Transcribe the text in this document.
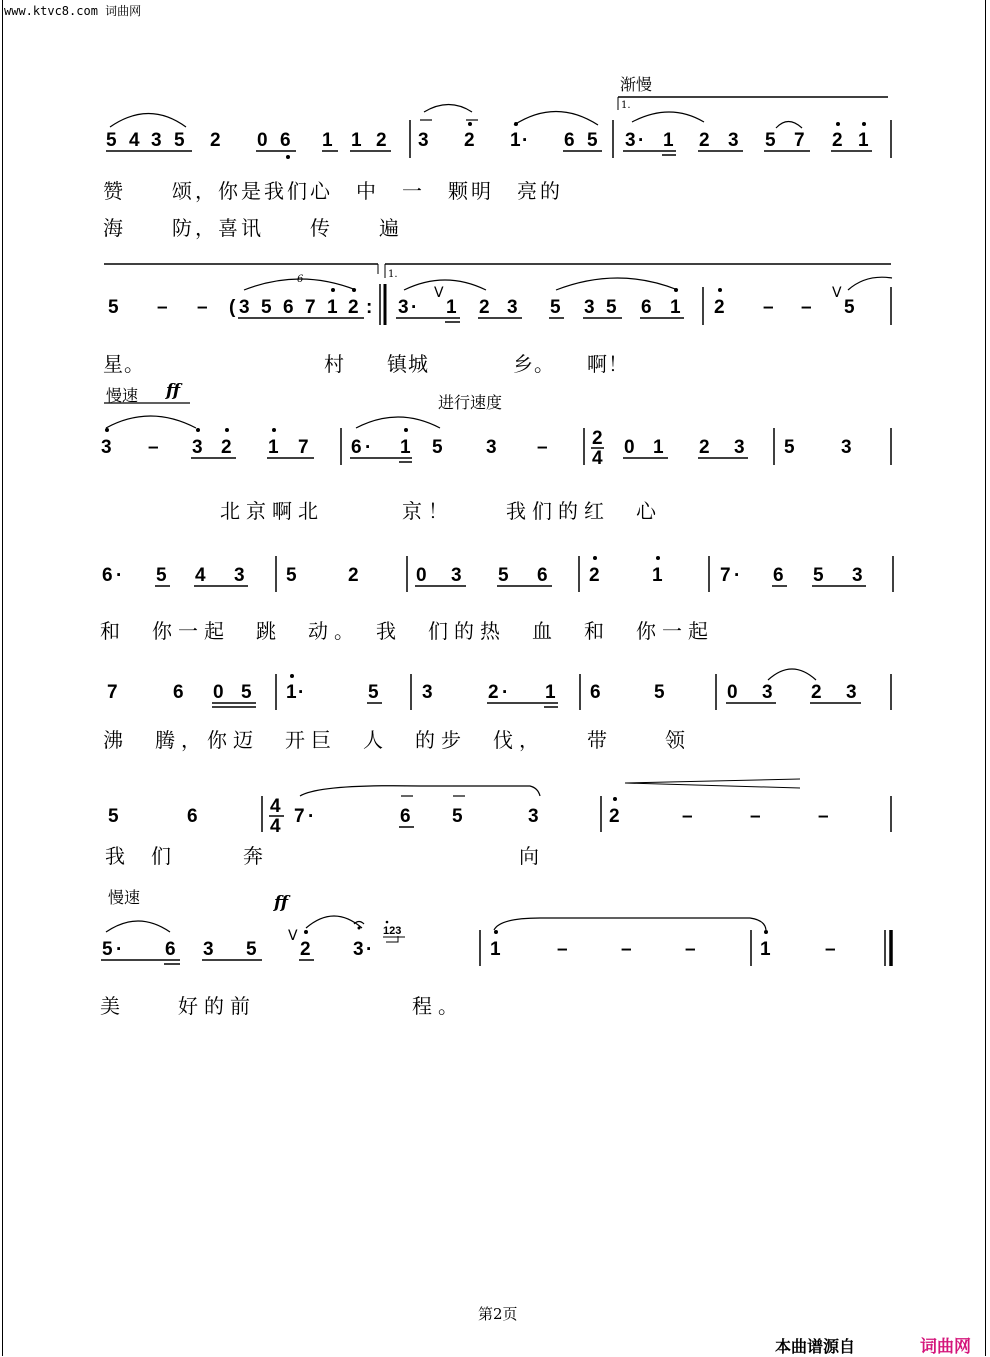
www.ktvc8.com 词曲网
渐慢
慢速 ff
进行速度
慢速	ff
1.
5 4 3 5 2 0 6 1 1 2 3 2 1 · 6 5 3 · 1 2 3 5 7 2 1
1.
5 – – ( 3 5 6 7 1 2
6
: 3 ·
V
1 2 3 5 3 5 6 1 2 – –
V
5
3 – 3 2 1 7 6 · 1 5 3 – 2
4
0 1 2 3 5 3
6 · 5 4 3 5	2	0 3 5 6 2	1	7 · 6 5 3
7	6 0 5 1 ·	5 3	2 · 1 6	5	0 3 2 3
5	6	4
4 7 ·	6 5	3	2	–	–	–
5 · 6 3 5
V
2 3 ·
123
1	–	–	–	1	–
赞　　颂，你是我们心　中　一　颗明　亮的
海　　防，喜讯　　传　　遍
星。　　　　　　　　　村　　镇城　　　　乡。　　啊！
北京啊北　　　京！　　我们的红　心
和　你一起　跳　动。　我　们的热　血　和　你一起
沸　腾，你迈　开巨　人　的步　伐，　　带　　领
我　们　　　奔　　　　　　　　　　　向
美　　好的前　　　　　　程。
第2页
本曲谱源自	词曲网
